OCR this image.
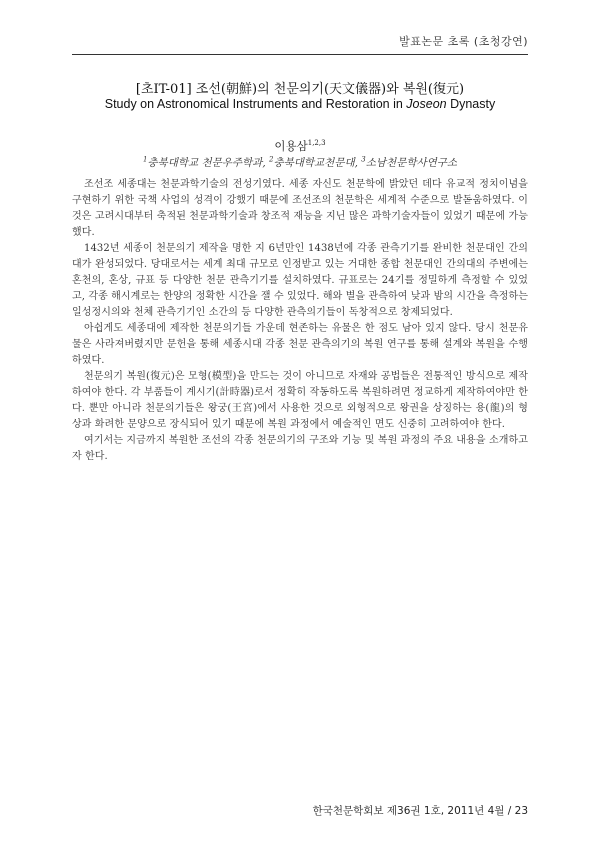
발표논문 초록 (초청강연)
[초IT-01] 조선(朝鮮)의 천문의기(天文儀器)와 복원(復元)
Study on Astronomical Instruments and Restoration in Joseon Dynasty
이용삼$^{1,2,3}$
$^1$충북대학교 천문우주학과, $^2$충북대학교천문대, $^3$소남천문학사연구소

조선조 세종대는 천문과학기술의 전성기였다. 세종 자신도 천문학에 밝았던 데다 유교적 정치이념을 구현하기 위한 국책 사업의 성격이 강했기 때문에 조선조의 천문학은 세계적 수준으로 발돋움하였다. 이것은 고려시대부터 축적된 천문과학기술과 창조적 재능을 지닌 많은 과학기술자들이 있었기 때문에 가능했다.

1432년 세종이 천문의기 제작을 명한 지 6년만인 1438년에 각종 관측기기를 완비한 천문대인 간의대가 완성되었다. 당대로서는 세계 최대 규모로 인정받고 있는 거대한 종합 천문대인 간의대의 주변에는 혼천의, 혼상, 규표 등 다양한 천문 관측기기를 설치하였다. 규표로는 24기를 정밀하게 측정할 수 있었고, 각종 해시계로는 한양의 정확한 시간을 잴 수 있었다. 해와 별을 관측하여 낮과 밤의 시간을 측정하는 일성정시의와 천체 관측기기인 소간의 등 다양한 관측의기들이 독창적으로 창제되었다.

아쉽게도 세종대에 제작한 천문의기들 가운데 현존하는 유물은 한 점도 남아 있지 않다. 당시 천문유물은 사라져버렸지만 문헌을 통해 세종시대 각종 천문 관측의기의 복원 연구를 통해 설계와 복원을 수행하였다.

천문의기 복원(復元)은 모형(模型)을 만드는 것이 아니므로 자재와 공법들은 전통적인 방식으로 제작하여야 한다. 각 부품들이 계시기(計時器)로서 정확히 작동하도록 복원하려면 정교하게 제작하여야만 한다. 뿐만 아니라 천문의기들은 왕궁(王宮)에서 사용한 것으로 외형적으로 왕권을 상징하는 용(龍)의 형상과 화려한 문양으로 장식되어 있기 때문에 복원 과정에서 예술적인 면도 신중히 고려하여야 한다.

여기서는 지금까지 복원한 조선의 각종 천문의기의 구조와 기능 및 복원 과정의 주요 내용을 소개하고자 한다.

한국천문학회보 제36권 1호, 2011년 4월 / 23
